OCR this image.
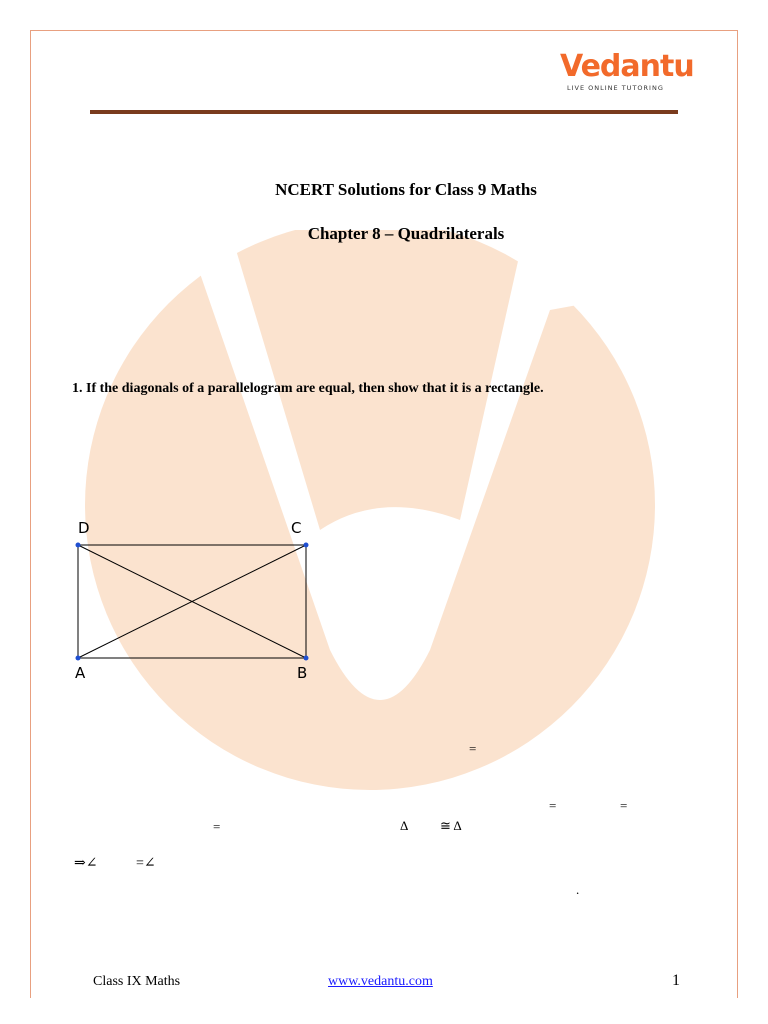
Vedantu
LIVE ONLINE TUTORING
NCERT Solutions for Class 9 Maths
Chapter 8 – Quadrilaterals
1. If the diagonals of a parallelogram are equal, then show that it is a rectangle.
D	C
A	B
=
=	=
=	Δ ≅ Δ
⇒∠	=∠
.
Class IX Maths	www.vedantu.com	1
